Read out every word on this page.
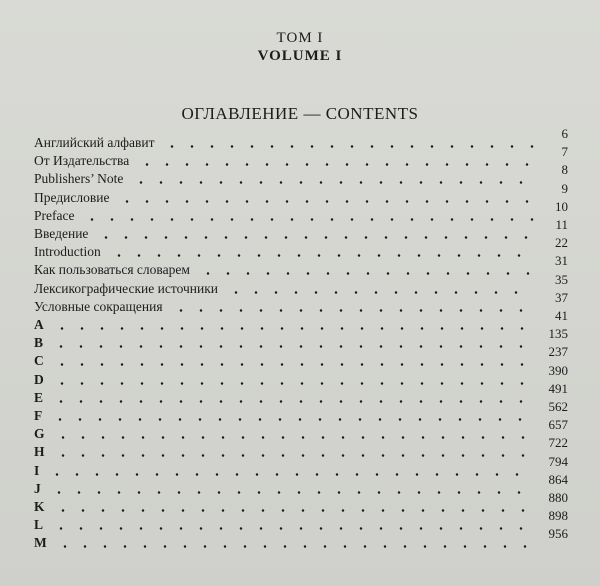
ТОМ I
VOLUME I
ОГЛАВЛЕНИЕ — CONTENTS
Английский алфавит
6
От Издательства
7
Publishers’ Note
8
Предисловие
9
Preface
10
Введение
11
Introduction
22
Как пользоваться словарем
31
Лексикографические источники
35
Условные сокращения
37
A
41
B
135
C
237
D
390
E
491
F
562
G
657
H
722
I
794
J
864
K
880
L
898
M
956
